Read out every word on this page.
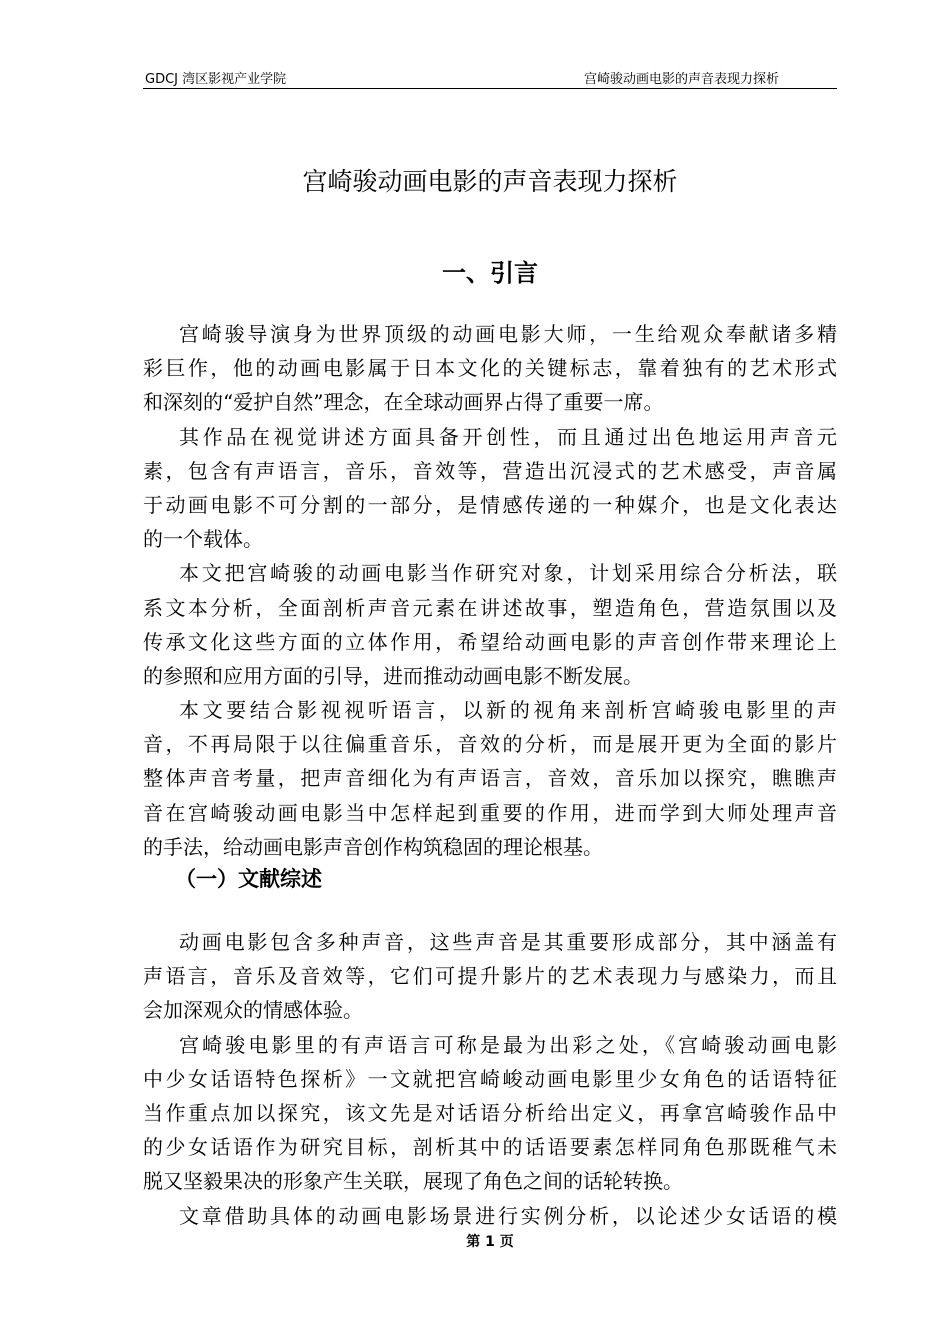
GDCJ 湾区影视产业学院	宫崎骏动画电影的声音表现力探析
宫崎骏动画电影的声音表现力探析
一、引言
宫崎骏导演身为世界顶级的动画电影大师，一生给观众奉献诸多精
彩巨作，他的动画电影属于日本文化的关键标志，靠着独有的艺术形式
和深刻的“爱护自然”理念，在全球动画界占得了重要一席。
其作品在视觉讲述方面具备开创性，而且通过出色地运用声音元
素，包含有声语言，音乐，音效等，营造出沉浸式的艺术感受，声音属
于动画电影不可分割的一部分，是情感传递的一种媒介，也是文化表达
的一个载体。
本文把宫崎骏的动画电影当作研究对象，计划采用综合分析法，联
系文本分析，全面剖析声音元素在讲述故事，塑造角色，营造氛围以及
传承文化这些方面的立体作用，希望给动画电影的声音创作带来理论上
的参照和应用方面的引导，进而推动动画电影不断发展。
本文要结合影视视听语言，以新的视角来剖析宫崎骏电影里的声
音，不再局限于以往偏重音乐，音效的分析，而是展开更为全面的影片
整体声音考量，把声音细化为有声语言，音效，音乐加以探究，瞧瞧声
音在宫崎骏动画电影当中怎样起到重要的作用，进而学到大师处理声音
的手法，给动画电影声音创作构筑稳固的理论根基。
（一）文献综述
动画电影包含多种声音，这些声音是其重要形成部分，其中涵盖有
声语言，音乐及音效等，它们可提升影片的艺术表现力与感染力，而且
会加深观众的情感体验。
宫崎骏电影里的有声语言可称是最为出彩之处，《宫崎骏动画电影
中少女话语特色探析》一文就把宫崎峻动画电影里少女角色的话语特征
当作重点加以探究，该文先是对话语分析给出定义，再拿宫崎骏作品中
的少女话语作为研究目标，剖析其中的话语要素怎样同角色那既稚气未
脱又坚毅果决的形象产生关联，展现了角色之间的话轮转换。
文章借助具体的动画电影场景进行实例分析，以论述少女话语的模
第 1 页
